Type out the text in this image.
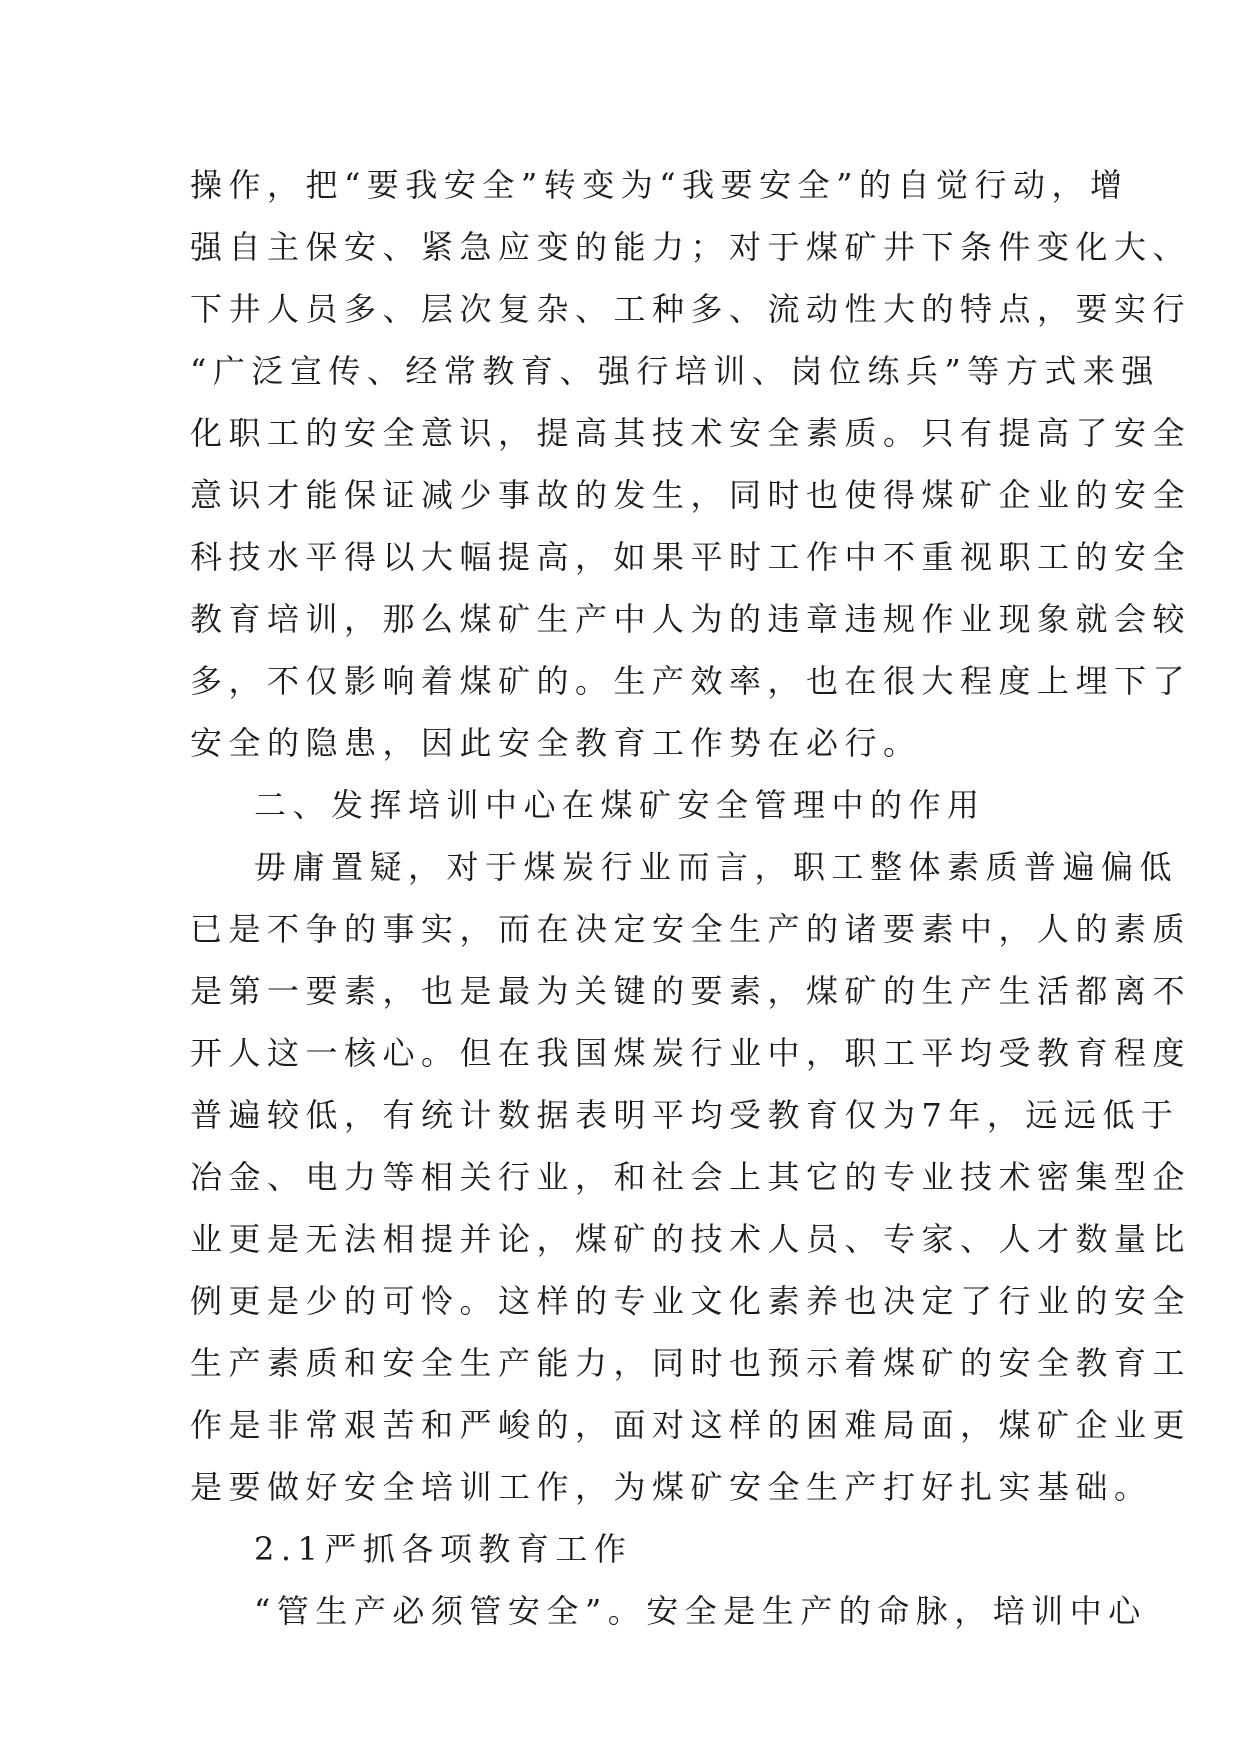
操作，把“要我安全”转变为“我要安全”的自觉行动，增
强自主保安、紧急应变的能力；对于煤矿井下条件变化大、
下井人员多、层次复杂、工种多、流动性大的特点，要实行
“广泛宣传、经常教育、强行培训、岗位练兵”等方式来强
化职工的安全意识，提高其技术安全素质。只有提高了安全
意识才能保证减少事故的发生，同时也使得煤矿企业的安全
科技水平得以大幅提高，如果平时工作中不重视职工的安全
教育培训，那么煤矿生产中人为的违章违规作业现象就会较
多，不仅影响着煤矿的。生产效率，也在很大程度上埋下了
安全的隐患，因此安全教育工作势在必行。
二、发挥培训中心在煤矿安全管理中的作用
毋庸置疑，对于煤炭行业而言，职工整体素质普遍偏低
已是不争的事实，而在决定安全生产的诸要素中，人的素质
是第一要素，也是最为关键的要素，煤矿的生产生活都离不
开人这一核心。但在我国煤炭行业中，职工平均受教育程度
普遍较低，有统计数据表明平均受教育仅为7年，远远低于
冶金、电力等相关行业，和社会上其它的专业技术密集型企
业更是无法相提并论，煤矿的技术人员、专家、人才数量比
例更是少的可怜。这样的专业文化素养也决定了行业的安全
生产素质和安全生产能力，同时也预示着煤矿的安全教育工
作是非常艰苦和严峻的，面对这样的困难局面，煤矿企业更
是要做好安全培训工作，为煤矿安全生产打好扎实基础。
2.1严抓各项教育工作
“管生产必须管安全”。安全是生产的命脉，培训中心
